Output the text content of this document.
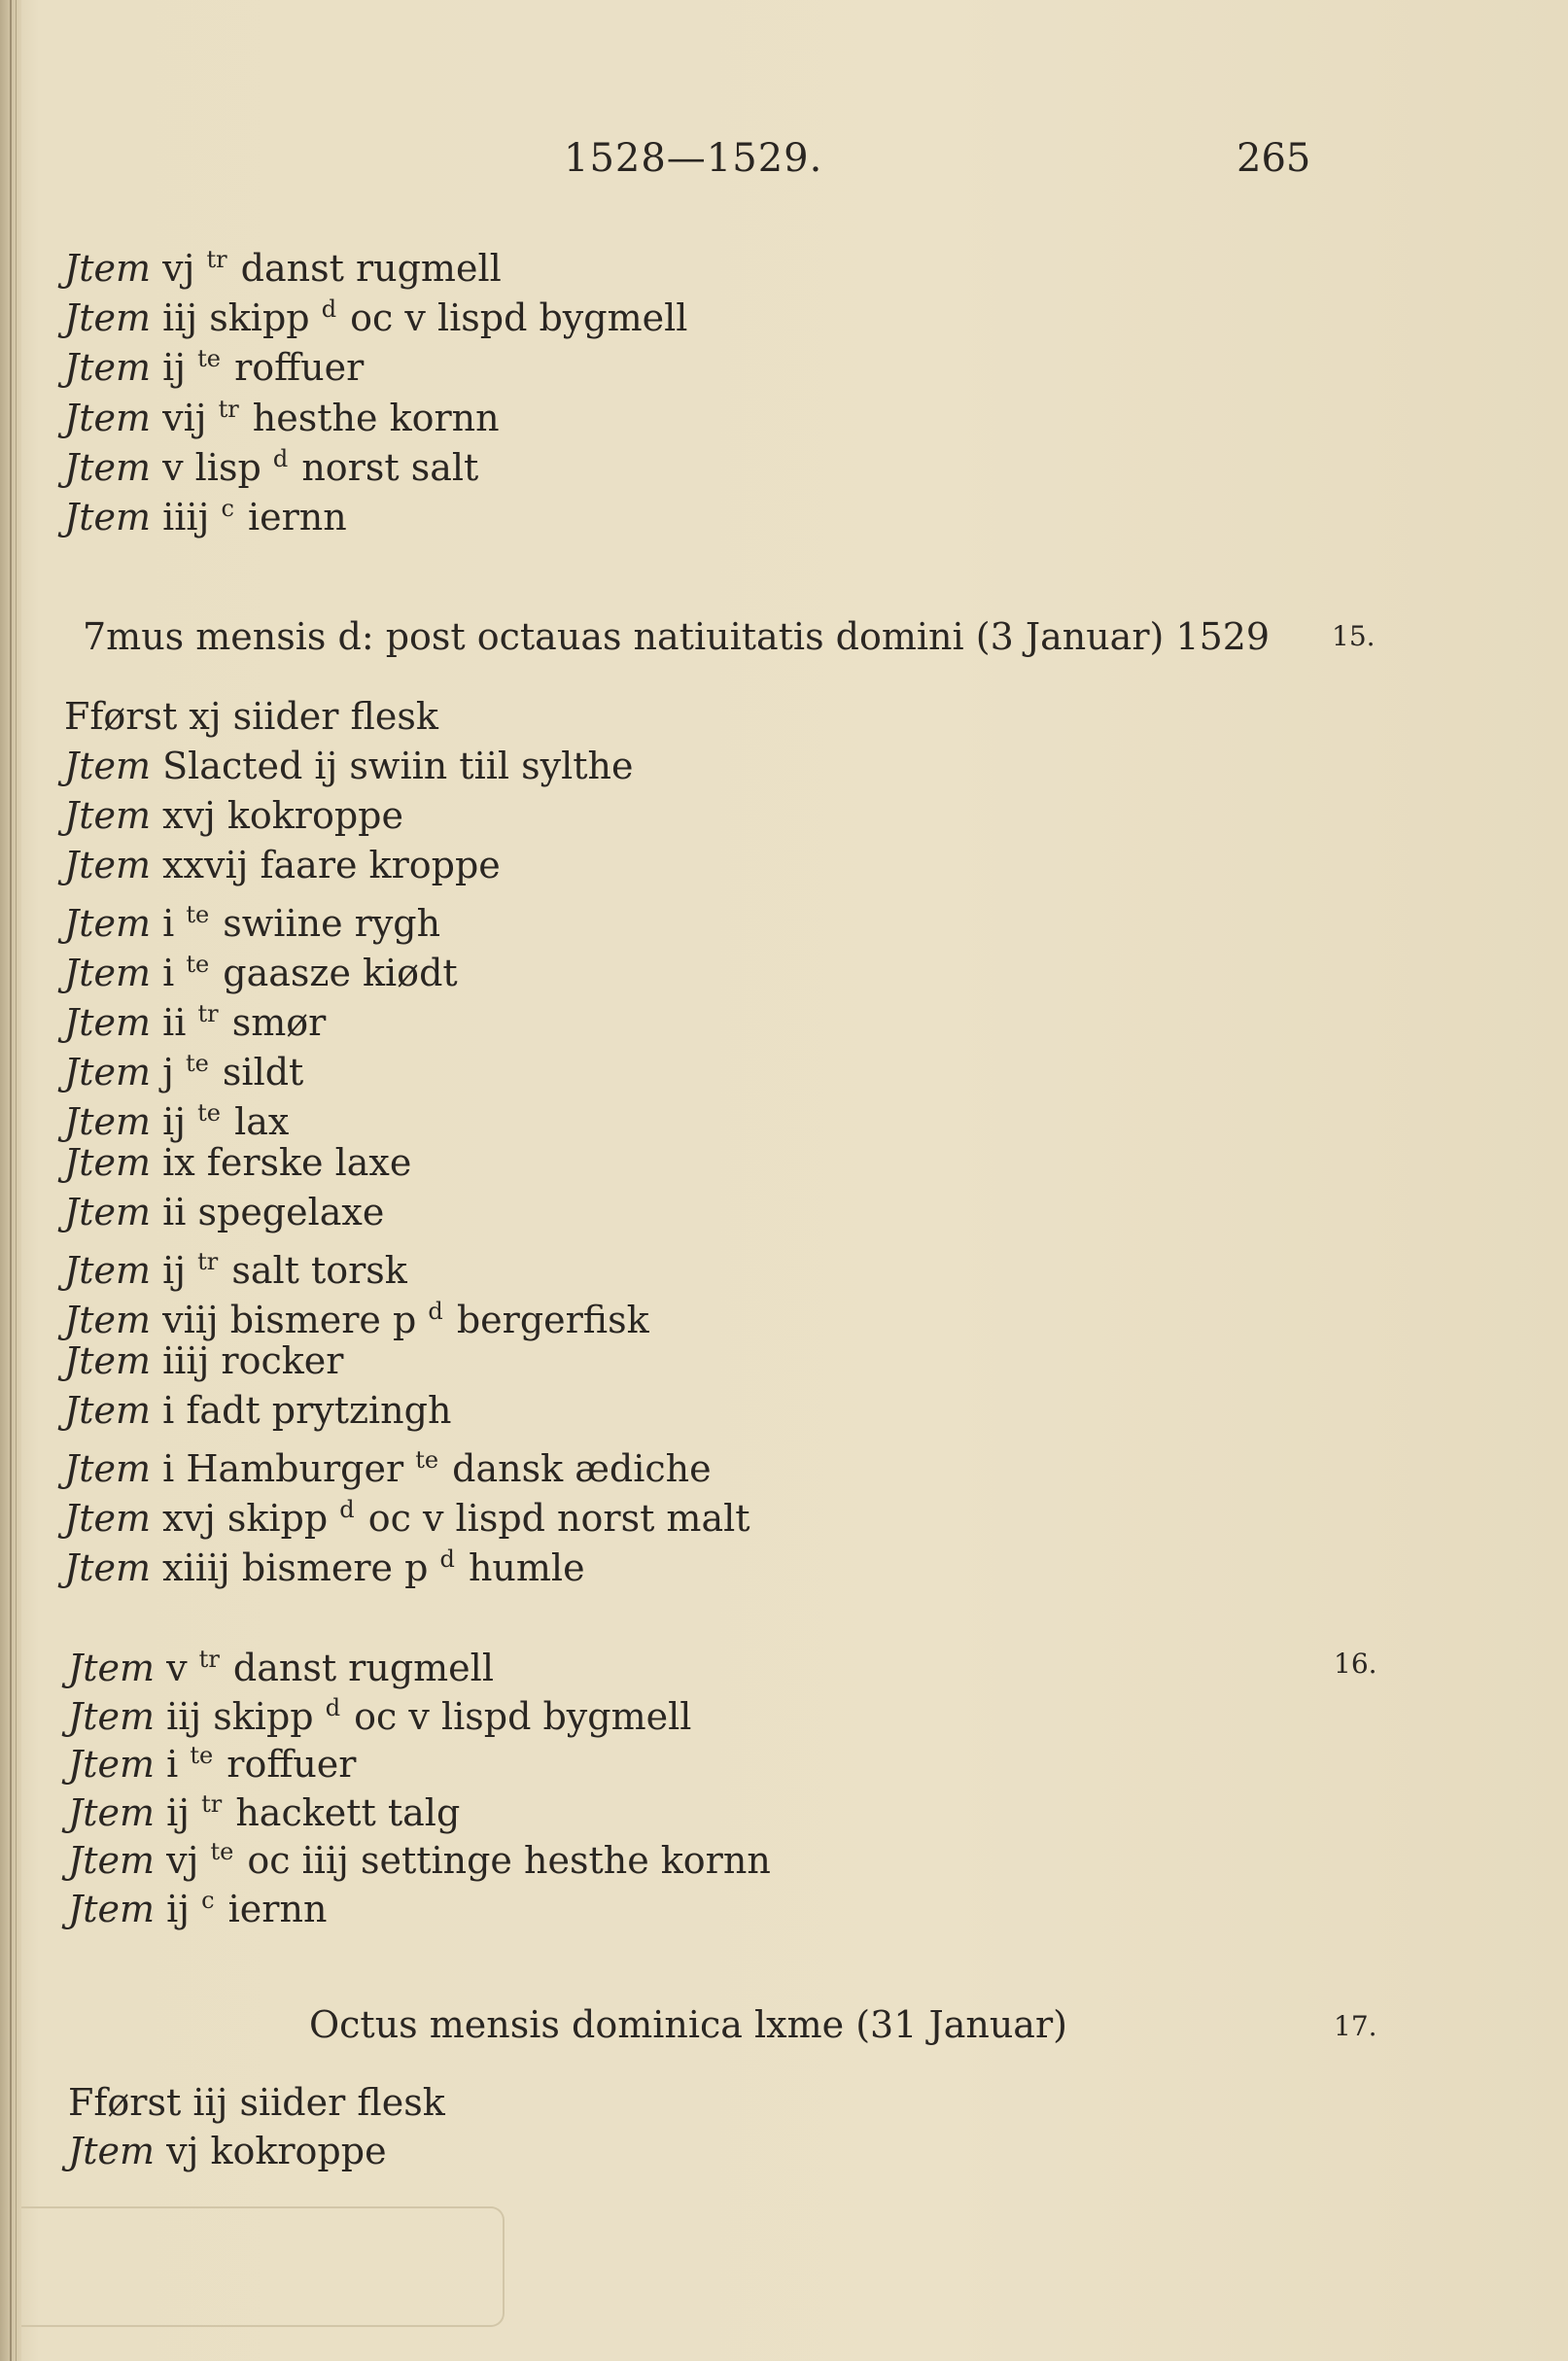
1528—1529.	265
Jtem vj $^{tr}$ danst rugmell
Jtem iij skipp $^d$ oc v lispd bygmell
Jtem ij $^{te}$ roffuer
Jtem vij $^{tr}$ hesthe kornn
Jtem v lisp $^d$ norst salt
Jtem iiij $^c$ iernn
Fførst xj siider flesk
Jtem Slacted ij swiin tiil sylthe
Jtem xvj kokroppe
Jtem xxvij faare kroppe
Jtem i $^{te}$ swiine rygh
Jtem i $^{te}$ gaasze kiødt
Jtem ii $^{tr}$ smør
Jtem j $^{te}$ sildt
Jtem ij $^{te}$ lax
Jtem ix ferske laxe
Jtem ii spegelaxe
Jtem ij $^{tr}$ salt torsk
Jtem viij bismere p $^d$ bergerfisk
Jtem iiij rocker
Jtem i fadt prytzingh
Jtem i Hamburger $^{te}$ dansk ædiche
Jtem xvj skipp $^d$ oc v lispd norst malt
Jtem xiiij bismere p $^d$ humle
Jtem v $^{tr}$ danst rugmell
Jtem iij skipp $^d$ oc v lispd bygmell
Jtem i $^{te}$ roffuer
Jtem ij $^{tr}$ hackett talg
Jtem vj $^{te}$ oc iiij settinge hesthe kornn
Jtem ij $^c$ iernn
Fførst iij siider flesk
Jtem vj kokroppe
7mus mensis d: post octauas natiuitatis domini (3 Januar) 1529 15.
16.
Octus mensis dominica lxme (31 Januar)	17.
